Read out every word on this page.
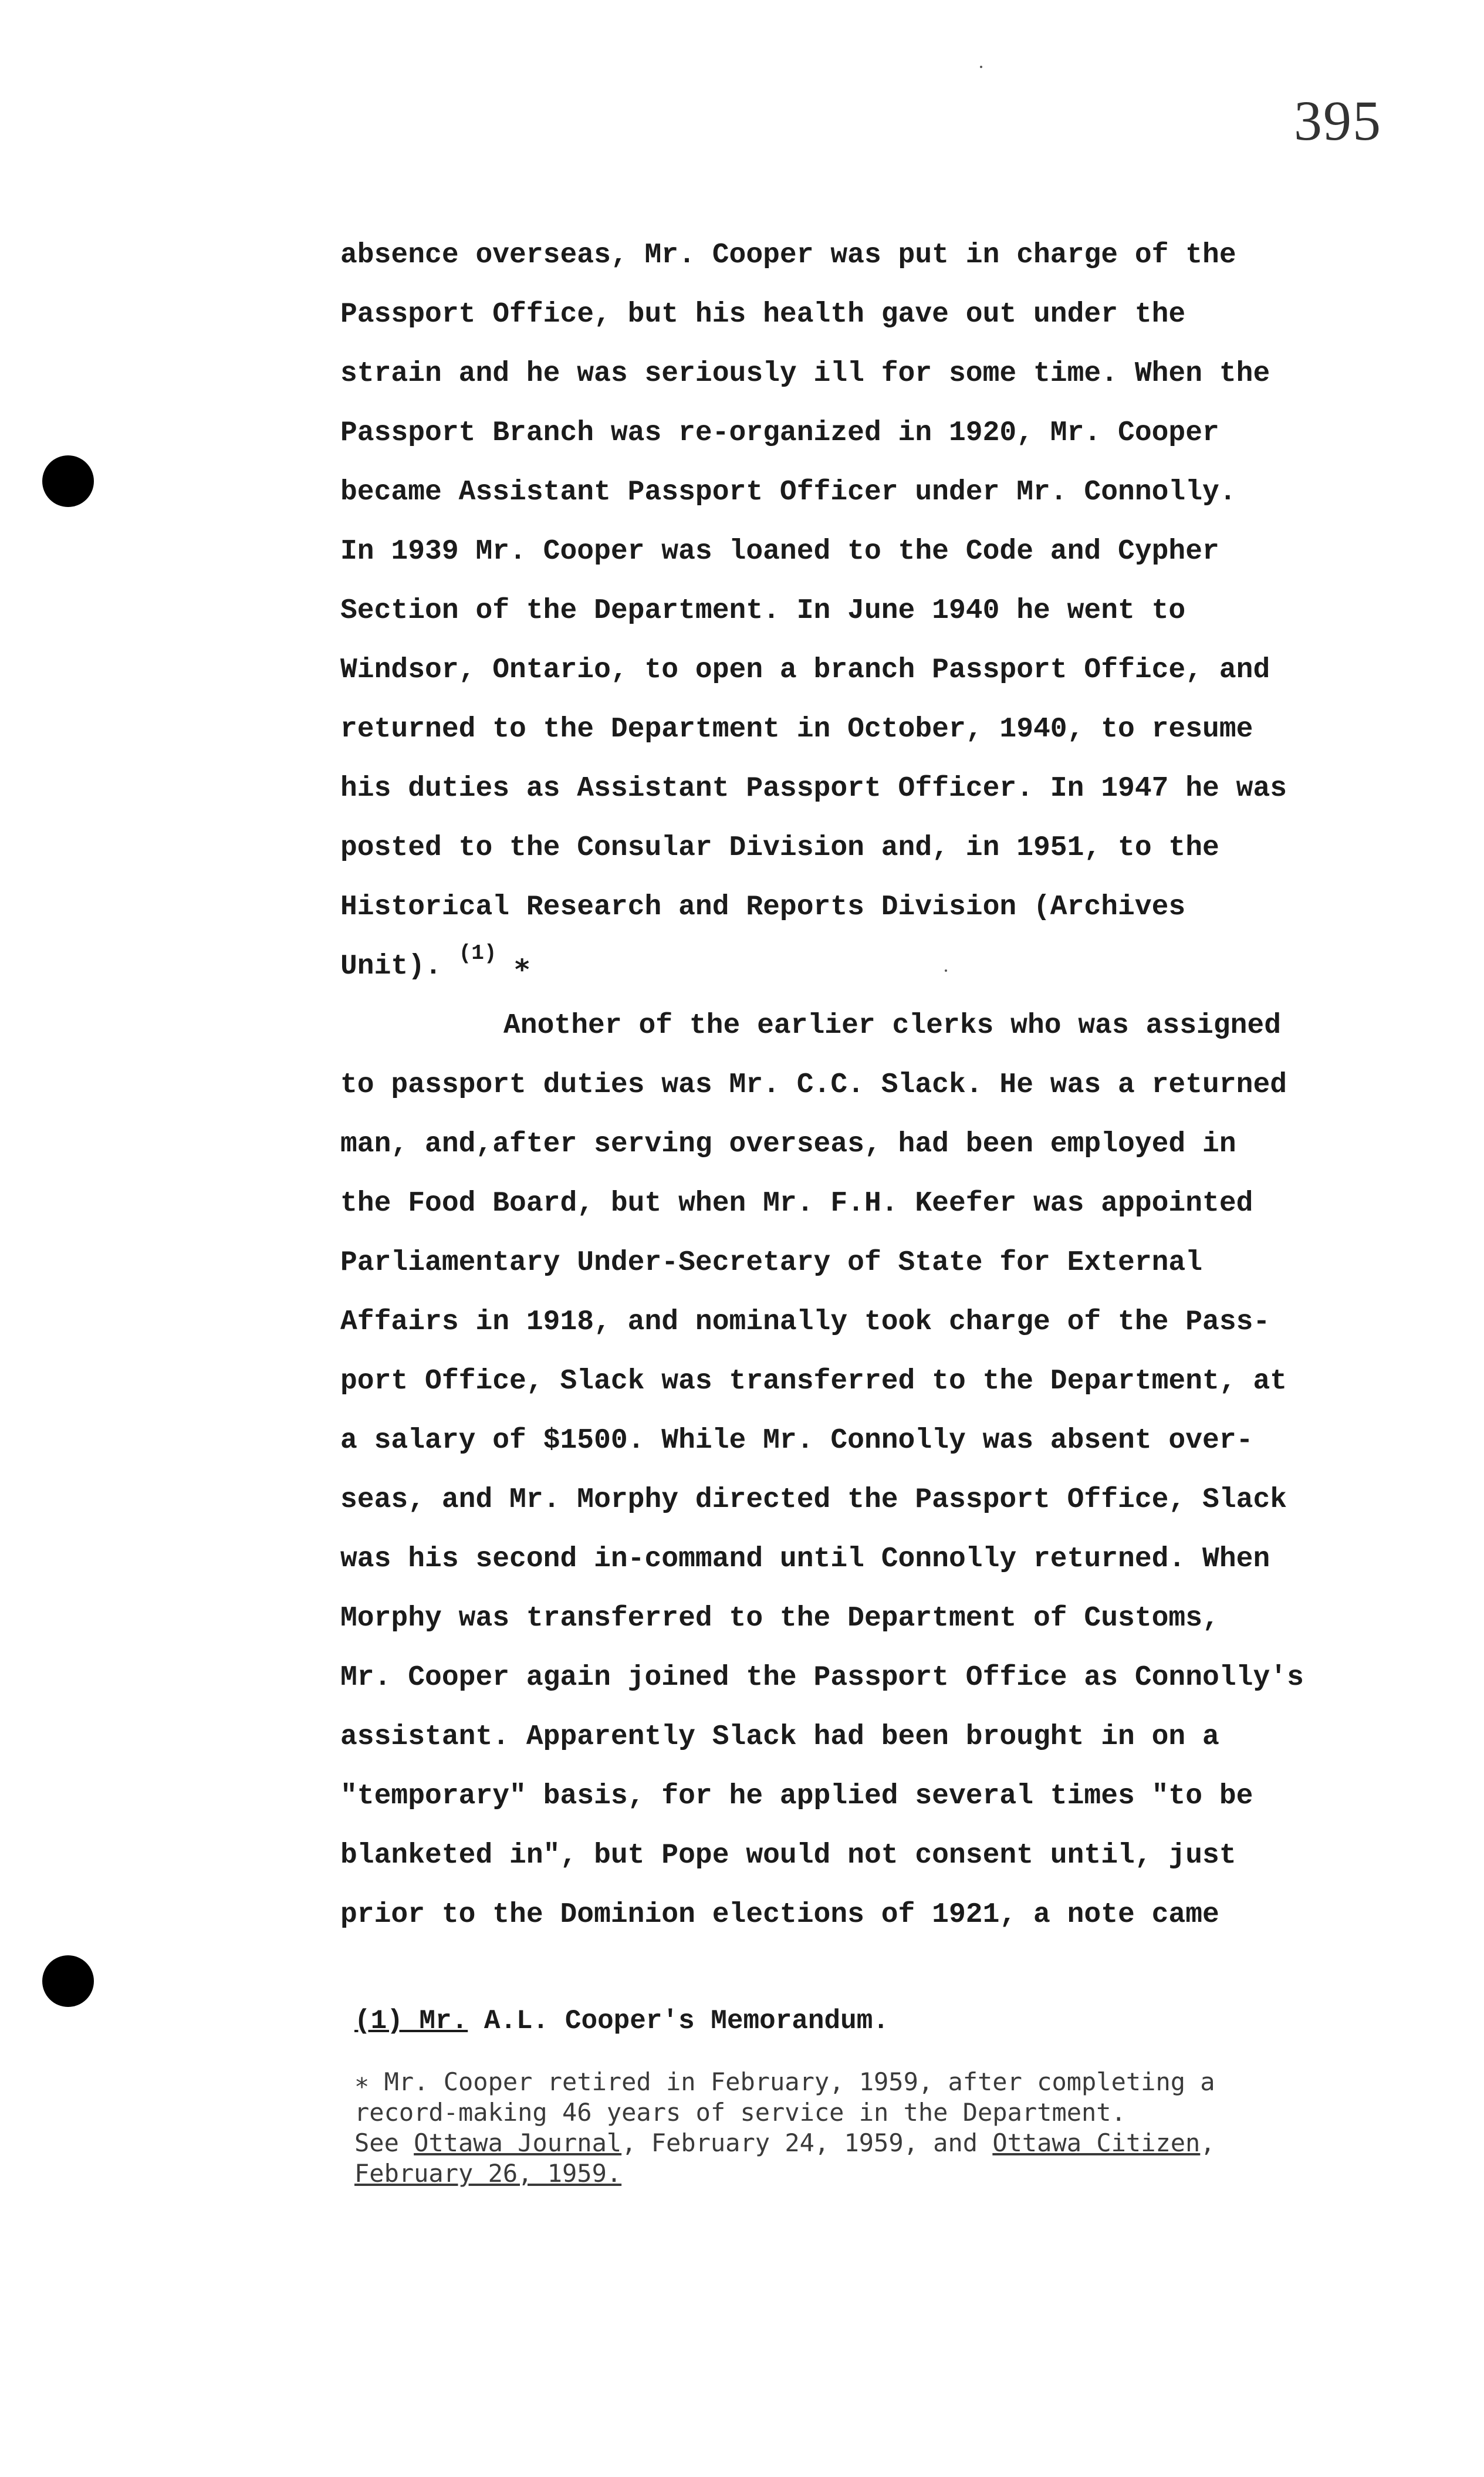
395
absence overseas, Mr. Cooper was put in charge of the
Passport Office, but his health gave out under the
strain and he was seriously ill for some time. When the
Passport Branch was re-organized in 1920, Mr. Cooper
became Assistant Passport Officer under Mr. Connolly.
In 1939 Mr. Cooper was loaned to the Code and Cypher
Section of the Department. In June 1940 he went to
Windsor, Ontario, to open a branch Passport Office, and
returned to the Department in October, 1940, to resume
his duties as Assistant Passport Officer. In 1947 he was
posted to the Consular Division and, in 1951, to the
Historical Research and Reports Division (Archives
Unit). $^{(1)}$ ∗
Another of the earlier clerks who was assigned
to passport duties was Mr. C.C. Slack. He was a returned
man, and,after serving overseas, had been employed in
the Food Board, but when Mr. F.H. Keefer was appointed
Parliamentary Under-Secretary of State for External
Affairs in 1918, and nominally took charge of the Pass-
port Office, Slack was transferred to the Department, at
a salary of $1500. While Mr. Connolly was absent over-
seas, and Mr. Morphy directed the Passport Office, Slack
was his second in-command until Connolly returned. When
Morphy was transferred to the Department of Customs,
Mr. Cooper again joined the Passport Office as Connolly's
assistant. Apparently Slack had been brought in on a
"temporary" basis, for he applied several times "to be
blanketed in", but Pope would not consent until, just
prior to the Dominion elections of 1921, a note came
(1) Mr. A.L. Cooper's Memorandum.
∗ Mr. Cooper retired in February, 1959, after completing a
record-making 46 years of service in the Department.
See Ottawa Journal, February 24, 1959, and Ottawa Citizen,
February 26, 1959.
